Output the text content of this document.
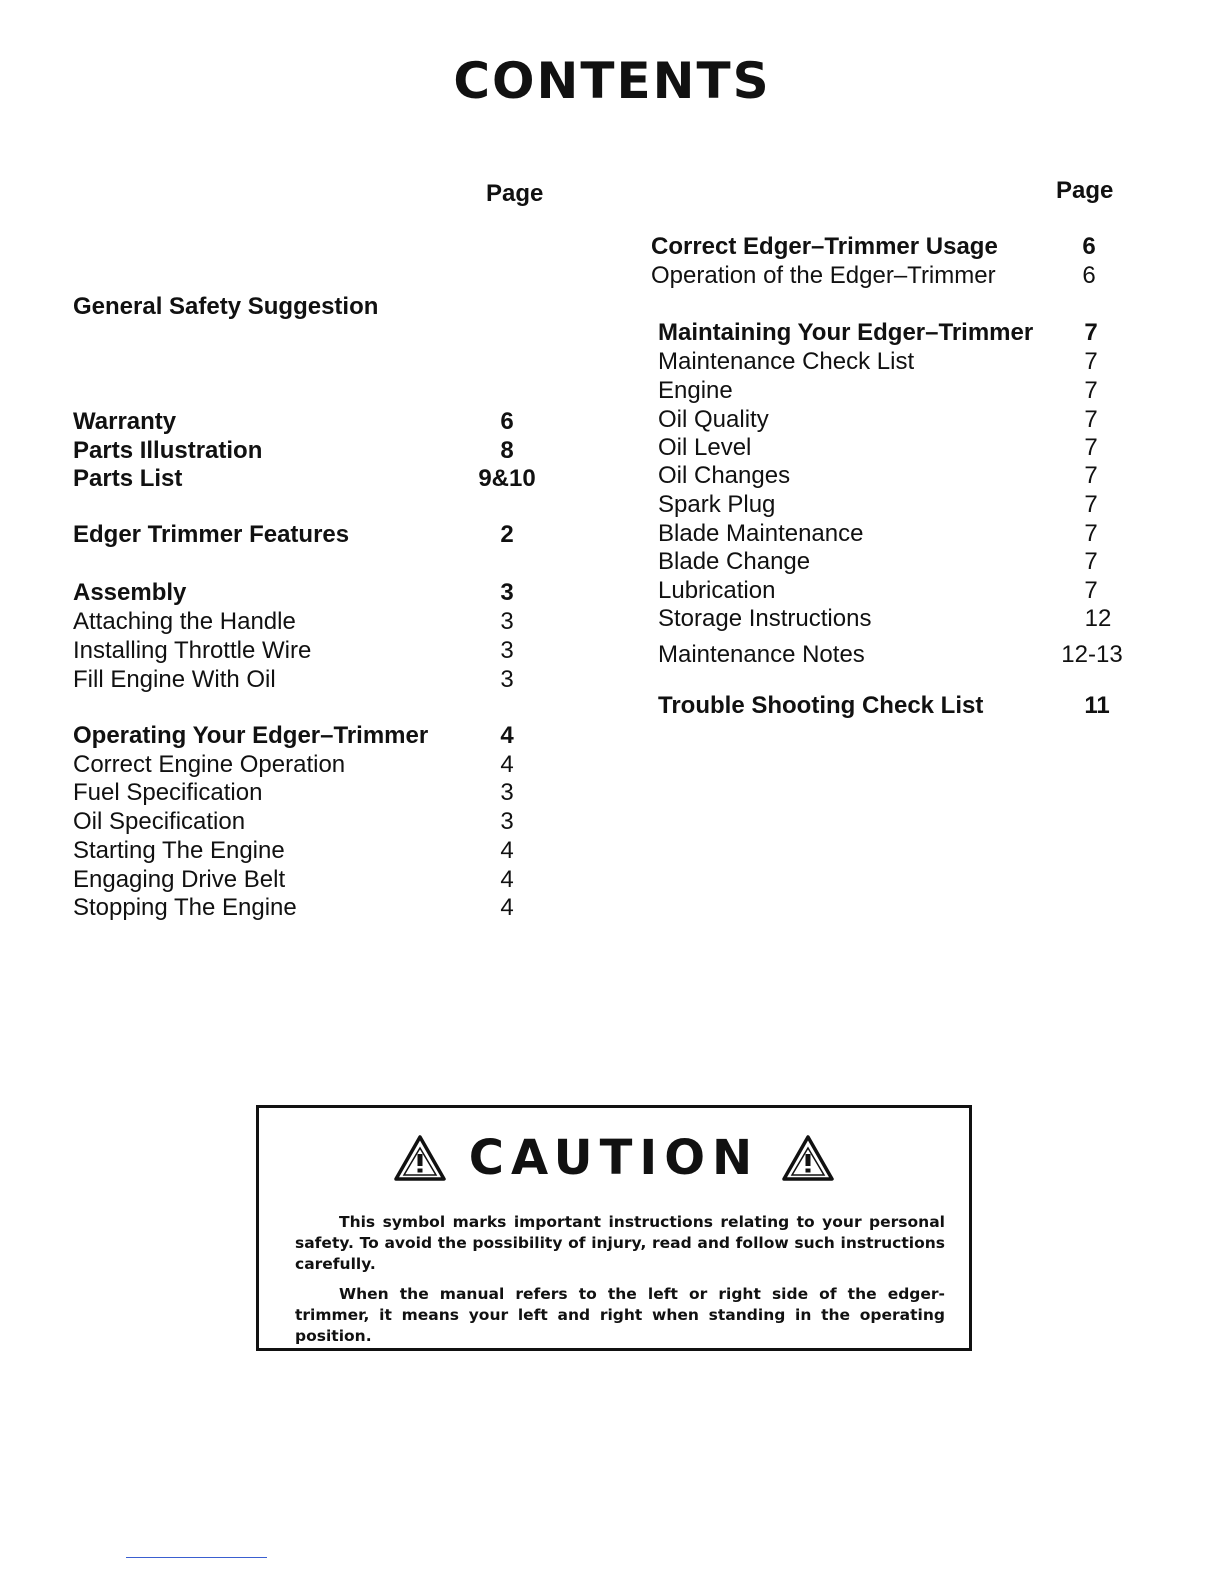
CONTENTS
Page	Page
General Safety Suggestion
Warranty	6
Parts Illustration	8
Parts List	9&10
Edger Trimmer Features	2
Assembly	3
Attaching the Handle	3
Installing Throttle Wire	3
Fill Engine With Oil	3
Operating Your Edger–Trimmer	4
Correct Engine Operation	4
Fuel Specification	3
Oil Specification	3
Starting The Engine	4
Engaging Drive Belt	4
Stopping The Engine	4
Correct Edger–Trimmer Usage	6
Operation of the Edger–Trimmer	6
Maintaining Your Edger–Trimmer	7
Maintenance Check List	7
Engine	7
Oil Quality	7
Oil Level	7
Oil Changes	7
Spark Plug	7
Blade Maintenance	7
Blade Change	7
Lubrication	7
Storage Instructions	12
Maintenance Notes	12-13
Trouble Shooting Check List	11
CAUTION
This symbol marks important instructions relating to your personal safety. To avoid the possibility of injury, read and follow such instructions carefully.
When the manual refers to the left or right side of the edger-trimmer, it means your left and right when standing in the operating position.
